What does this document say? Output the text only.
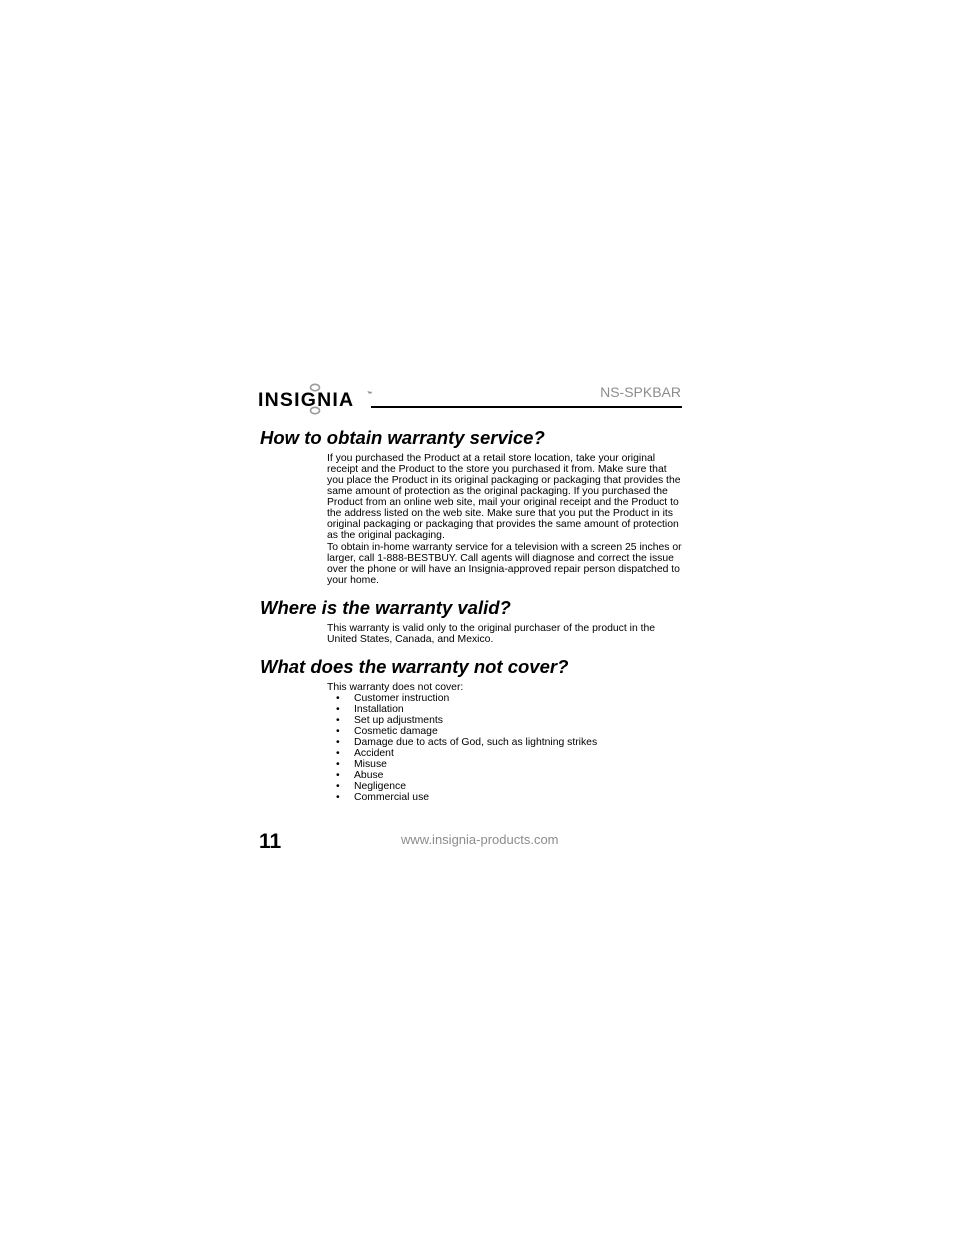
INSIGNIA	™	NS-SPKBAR
How to obtain warranty service?

If you purchased the Product at a retail store location, take your original receipt and the Product to the store you purchased it from. Make sure that you place the Product in its original packaging or packaging that provides the same amount of protection as the original packaging. If you purchased the Product from an online web site, mail your original receipt and the Product to the address listed on the web site. Make sure that you put the Product in its original packaging or packaging that provides the same amount of protection as the original packaging.

To obtain in-home warranty service for a television with a screen 25 inches or larger, call 1-888-BESTBUY. Call agents will diagnose and correct the issue over the phone or will have an Insignia-approved repair person dispatched to your home.

Where is the warranty valid?

This warranty is valid only to the original purchaser of the product in the United States, Canada, and Mexico.

What does the warranty not cover?

This warranty does not cover:

• Customer instruction
• Installation
• Set up adjustments
• Cosmetic damage
• Damage due to acts of God, such as lightning strikes
• Accident
• Misuse
• Abuse
• Negligence
• Commercial use
11	www.insignia-products.com
